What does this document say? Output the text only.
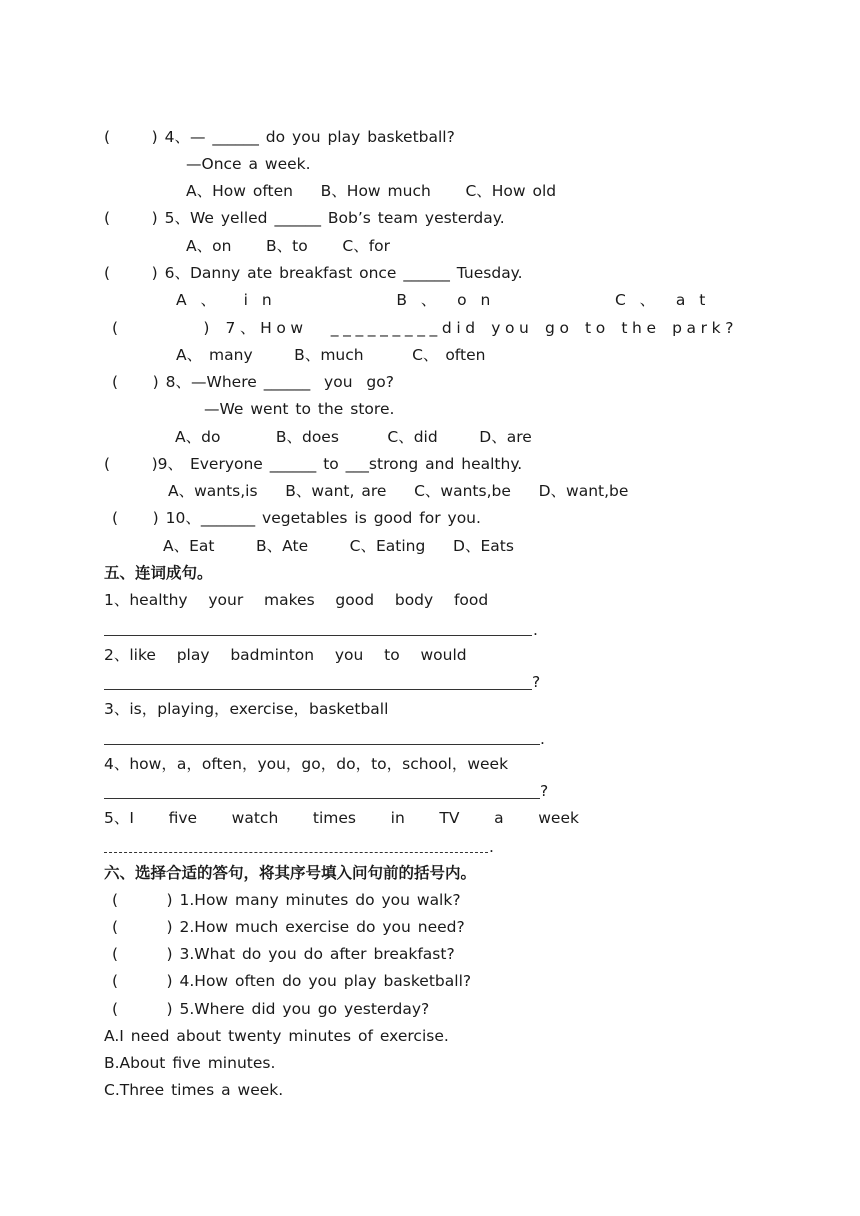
(      ) 4、— ______ do you play basketball?
—Once a week.
A、How often    B、How much     C、How old
(      ) 5、We yelled ______ Bob’s team yesterday.
A、on     B、to     C、for
(      ) 6、Danny ate breakfast once ______ Tuesday.
A  、    i  n                  B  、   o  n                  C  、   a  t
(       ) 7、How  _________did you go to the park?
A、 many      B、much       C、 often
(     ) 8、—Where ______  you  go?
—We went to the store.
A、do        B、does       C、did      D、are
(      )9、 Everyone ______ to ___strong and healthy.
A、wants,is    B、want, are    C、wants,be    D、want,be
(     ) 10、_______ vegetables is good for you.
A、Eat      B、Ate      C、Eating    D、Eats
五、连词成句。
1、healthy   your   makes   good   body   food
.
2、like   play   badminton   you   to   would
?
3、is，playing，exercise，basketball
.
4、how，a，often，you，go，do，to，school，week
?
5、I     five     watch     times     in     TV     a     week
.
六、选择合适的答句，将其序号填入问句前的括号内。
(       ) 1.How many minutes do you walk?
(       ) 2.How much exercise do you need?
(       ) 3.What do you do after breakfast?
(       ) 4.How often do you play basketball?
(       ) 5.Where did you go yesterday?
A.I need about twenty minutes of exercise.
B.About five minutes.
C.Three times a week.
